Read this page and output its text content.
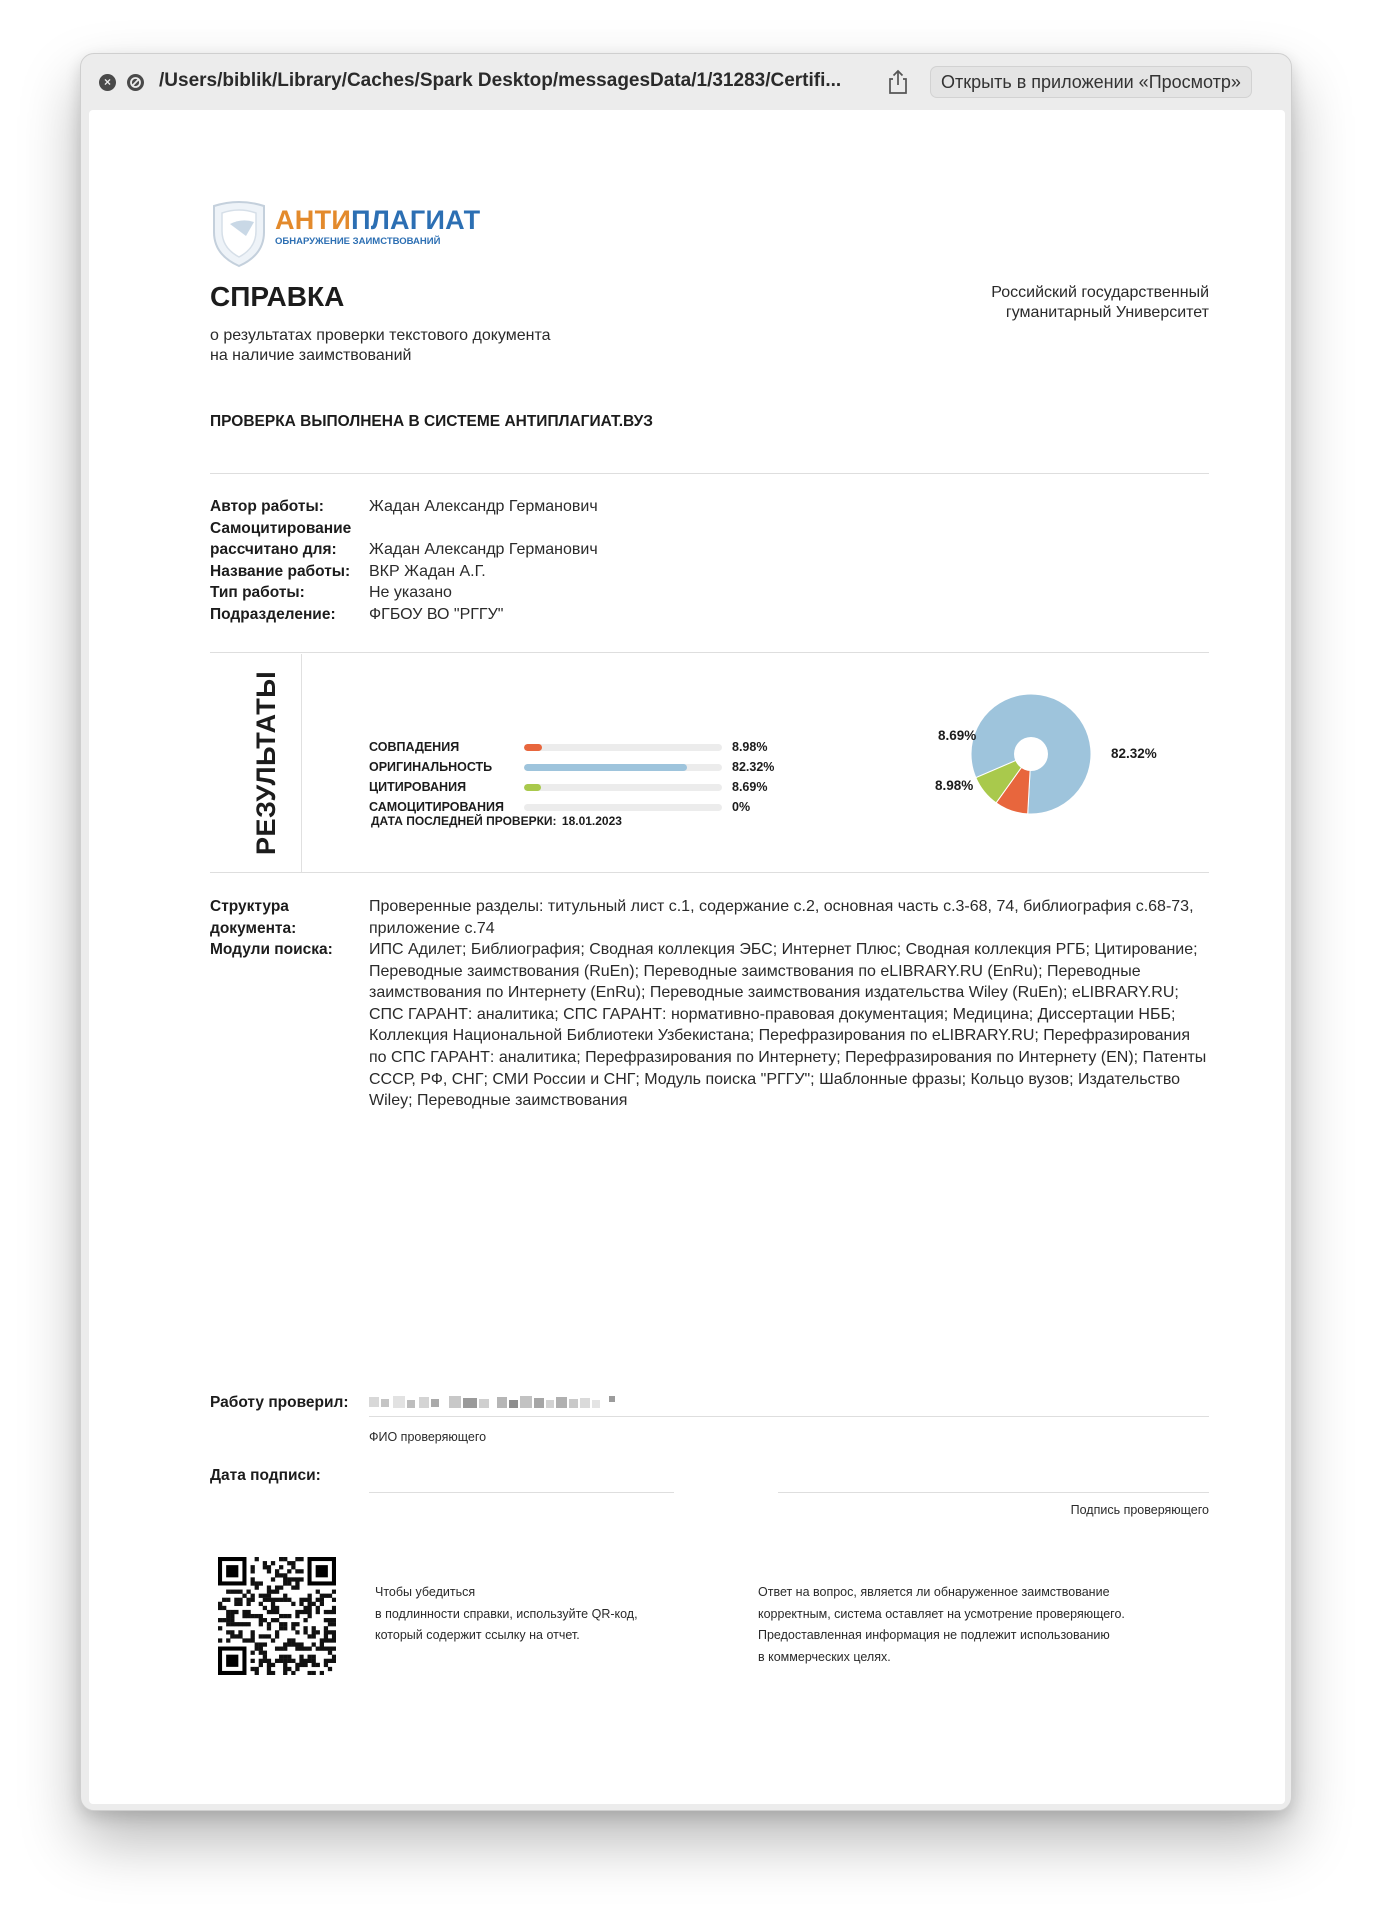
×	/Users/biblik/Library/Caches/Spark Desktop/messagesData/1/31283/Certifi...	Открыть в приложении «Просмотр»
АНТИПЛАГИАТ
ОБНАРУЖЕНИЕ ЗАИМСТВОВАНИЙ
СПРАВКА
о результатах проверки текстового документа
на наличие заимствований
Российский государственный
гуманитарный Университет
ПРОВЕРКА ВЫПОЛНЕНА В СИСТЕМЕ АНТИПЛАГИАТ.ВУЗ
Автор работы:	Жадан Александр Германович
Самоцитирование
рассчитано для:	Жадан Александр Германович
Название работы: ВКР Жадан А.Г.
Тип работы:	Не указано
Подразделение: ФГБОУ ВО "РГГУ"
РЕЗУЛЬТАТЫ	СОВПАДЕНИЯ	8.98%
ОРИГИНАЛЬНОСТЬ	82.32%
ЦИТИРОВАНИЯ	8.69%
САМОЦИТИРОВАНИЯ	0%
ДАТА ПОСЛЕДНЕЙ ПРОВЕРКИ: 18.01.2023
82.32%
8.98%
8.69%
Структура
документа:
Проверенные разделы: титульный лист с.1, содержание с.2, основная часть с.3-68, 74, библиография с.68-73, приложение с.74
Модули поиска: ИПС Адилет; Библиография; Сводная коллекция ЭБС; Интернет Плюс; Сводная коллекция РГБ; Цитирование; Переводные заимствования (RuEn); Переводные заимствования по eLIBRARY.RU (EnRu); Переводные заимствования по Интернету (EnRu); Переводные заимствования издательства Wiley (RuEn); eLIBRARY.RU; СПС ГАРАНТ: аналитика; СПС ГАРАНТ: нормативно-правовая документация; Медицина; Диссертации НББ; Коллекция Национальной Библиотеки Узбекистана; Перефразирования по eLIBRARY.RU; Перефразирования по СПС ГАРАНТ: аналитика; Перефразирования по Интернету; Перефразирования по Интернету (EN); Патенты СССР, РФ, СНГ; СМИ России и СНГ; Модуль поиска "РГГУ"; Шаблонные фразы; Кольцо вузов; Издательство Wiley; Переводные заимствования
Работу проверил:
ФИО проверяющего
Дата подписи:
Подпись проверяющего
Чтобы убедиться
в подлинности справки, используйте QR-код,
который содержит ссылку на отчет.
Ответ на вопрос, является ли обнаруженное заимствование
корректным, система оставляет на усмотрение проверяющего.
Предоставленная информация не подлежит использованию
в коммерческих целях.
